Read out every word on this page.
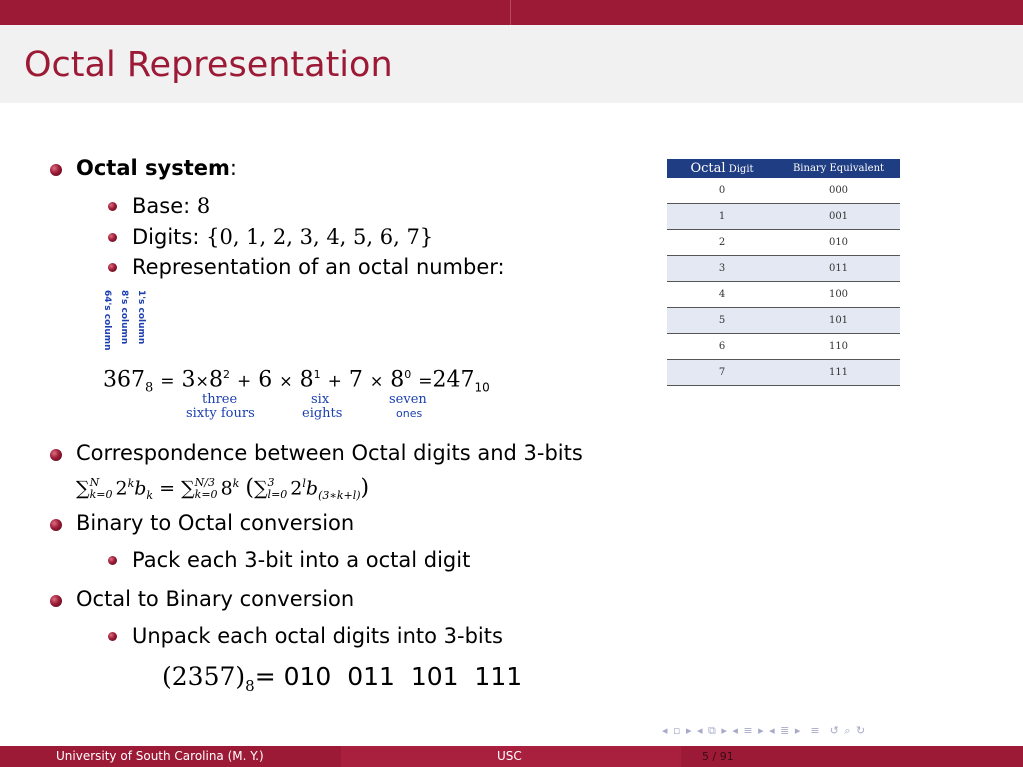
Octal Representation
Octal system:
Base: 8
Digits: {0, 1, 2, 3, 4, 5, 6, 7}
Representation of an octal number:
1's column
8's column
64's column
$367_8 = 3\times 8^2 + 6 \times 8^1 + 7 \times 8^0 =247_{10}$
three
sixty fours
six
eights
seven
ones
Correspondence between Octal digits and 3-bits
∑ N
k=0 $2^kb_k$ = ∑ N/3
k=0 8$^k$ (∑ 3
l=0 $2^lb_{(3∗k+l)}$)
Binary to Octal conversion
Pack each 3-bit into a octal digit
Octal to Binary conversion
Unpack each octal digits into 3-bits
$(2357)_8= 010$  011  101  111
Octal Digit	Binary Equivalent
0	000
1	001
2	010
3	011
4	100
5	101
6	110
7	111
◂ ▫ ▸ ◂ ⧉ ▸ ◂ ≡ ▸ ◂ ≣ ▸  ≡  ↺ ⌕ ↻
University of South Carolina (M. Y.)	USC	5 / 91
